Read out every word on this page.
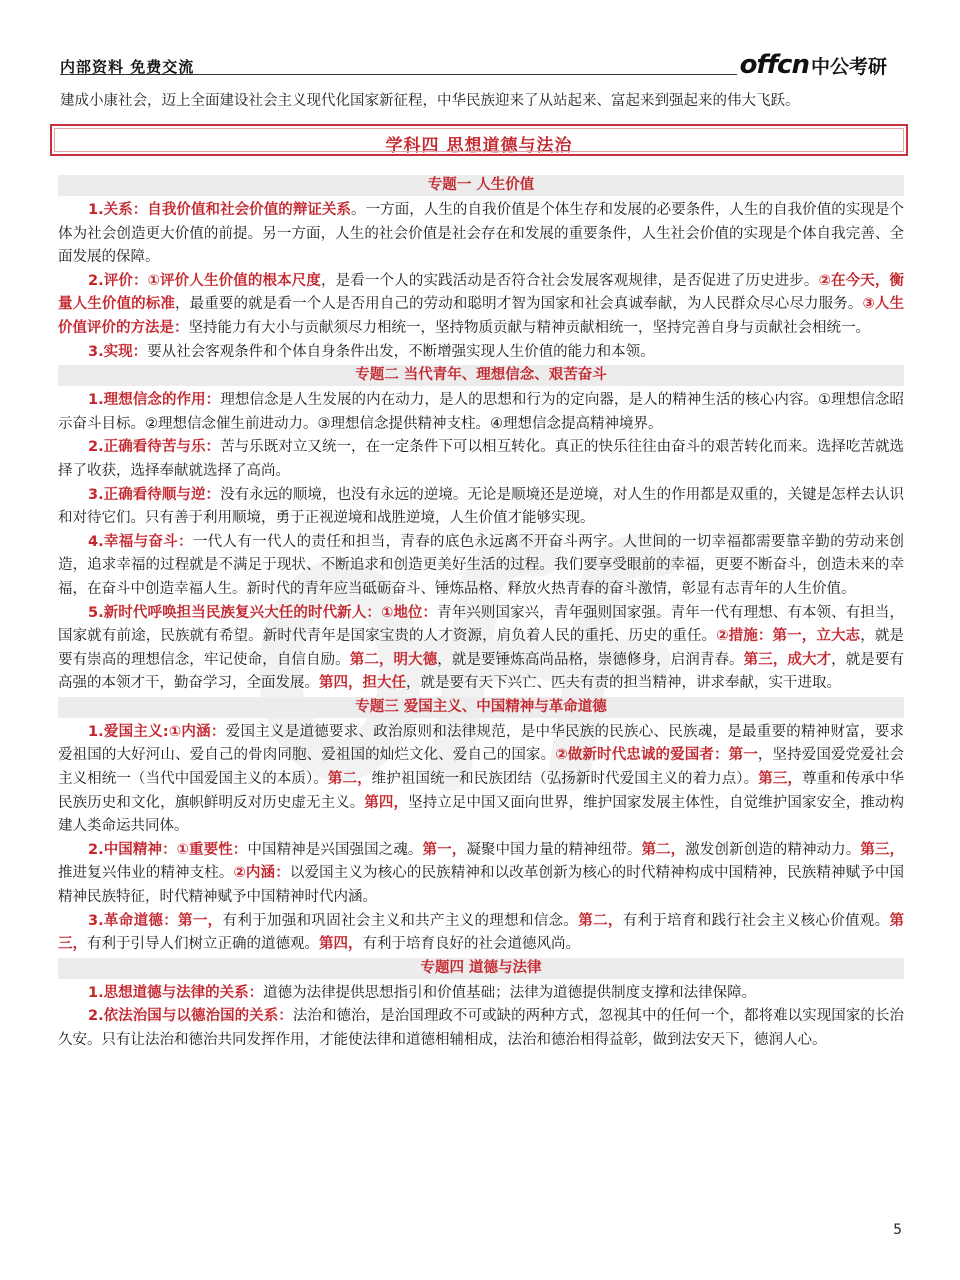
内部资料 免费交流	offcn 中公考研
建成小康社会，迈上全面建设社会主义现代化国家新征程，中华民族迎来了从站起来、富起来到强起来的伟大飞跃。
学科四 思想道德与法治
专题一 人生价值

1.关系：自我价值和社会价值的辩证关系。一方面，人生的自我价值是个体生存和发展的必要条件，人生的自我价值的实现是个体为社会创造更大价值的前提。另一方面，人生的社会价值是社会存在和发展的重要条件，人生社会价值的实现是个体自我完善、全面发展的保障。

2.评价：①评价人生价值的根本尺度，是看一个人的实践活动是否符合社会发展客观规律，是否促进了历史进步。②在今天，衡量人生价值的标准，最重要的就是看一个人是否用自己的劳动和聪明才智为国家和社会真诚奉献，为人民群众尽心尽力服务。③人生价值评价的方法是：坚持能力有大小与贡献须尽力相统一，坚持物质贡献与精神贡献相统一，坚持完善自身与贡献社会相统一。

3.实现：要从社会客观条件和个体自身条件出发，不断增强实现人生价值的能力和本领。

专题二 当代青年、理想信念、艰苦奋斗

1.理想信念的作用：理想信念是人生发展的内在动力，是人的思想和行为的定向器，是人的精神生活的核心内容。①理想信念昭示奋斗目标。②理想信念催生前进动力。③理想信念提供精神支柱。④理想信念提高精神境界。

2.正确看待苦与乐：苦与乐既对立又统一，在一定条件下可以相互转化。真正的快乐往往由奋斗的艰苦转化而来。选择吃苦就选择了收获，选择奉献就选择了高尚。

3.正确看待顺与逆：没有永远的顺境，也没有永远的逆境。无论是顺境还是逆境，对人生的作用都是双重的，关键是怎样去认识和对待它们。只有善于利用顺境，勇于正视逆境和战胜逆境，人生价值才能够实现。

4.幸福与奋斗：一代人有一代人的责任和担当，青春的底色永远离不开奋斗两字。人世间的一切幸福都需要靠辛勤的劳动来创造，追求幸福的过程就是不满足于现状、不断追求和创造更美好生活的过程。我们要享受眼前的幸福，更要不断奋斗，创造未来的幸福，在奋斗中创造幸福人生。新时代的青年应当砥砺奋斗、锤炼品格、释放火热青春的奋斗激情，彰显有志青年的人生价值。

5.新时代呼唤担当民族复兴大任的时代新人：①地位：青年兴则国家兴，青年强则国家强。青年一代有理想、有本领、有担当，国家就有前途，民族就有希望。新时代青年是国家宝贵的人才资源，肩负着人民的重托、历史的重任。②措施：第一，立大志，就是要有崇高的理想信念，牢记使命，自信自励。第二，明大德，就是要锤炼高尚品格，崇德修身，启润青春。第三，成大才，就是要有高强的本领才干，勤奋学习，全面发展。第四，担大任，就是要有天下兴亡、匹夫有责的担当精神，讲求奉献，实干进取。

专题三 爱国主义、中国精神与革命道德

1.爱国主义:①内涵：爱国主义是道德要求、政治原则和法律规范，是中华民族的民族心、民族魂，是最重要的精神财富，要求爱祖国的大好河山、爱自己的骨肉同胞、爱祖国的灿烂文化、爱自己的国家。②做新时代忠诚的爱国者：第一，坚持爱国爱党爱社会主义相统一（当代中国爱国主义的本质）。第二，维护祖国统一和民族团结（弘扬新时代爱国主义的着力点）。第三，尊重和传承中华民族历史和文化，旗帜鲜明反对历史虚无主义。第四，坚持立足中国又面向世界，维护国家发展主体性，自觉维护国家安全，推动构建人类命运共同体。

2.中国精神：①重要性：中国精神是兴国强国之魂。第一，凝聚中国力量的精神纽带。第二，激发创新创造的精神动力。第三，推进复兴伟业的精神支柱。②内涵：以爱国主义为核心的民族精神和以改革创新为核心的时代精神构成中国精神，民族精神赋予中国精神民族特征，时代精神赋予中国精神时代内涵。

3.革命道德：第一，有利于加强和巩固社会主义和共产主义的理想和信念。第二，有利于培育和践行社会主义核心价值观。第三，有利于引导人们树立正确的道德观。第四，有利于培育良好的社会道德风尚。

专题四 道德与法律

1.思想道德与法律的关系：道德为法律提供思想指引和价值基础；法律为道德提供制度支撑和法律保障。

2.依法治国与以德治国的关系：法治和德治，是治国理政不可或缺的两种方式，忽视其中的任何一个，都将难以实现国家的长治久安。只有让法治和德治共同发挥作用，才能使法律和道德相辅相成，法治和德治相得益彰，做到法安天下，德润人心。

5
